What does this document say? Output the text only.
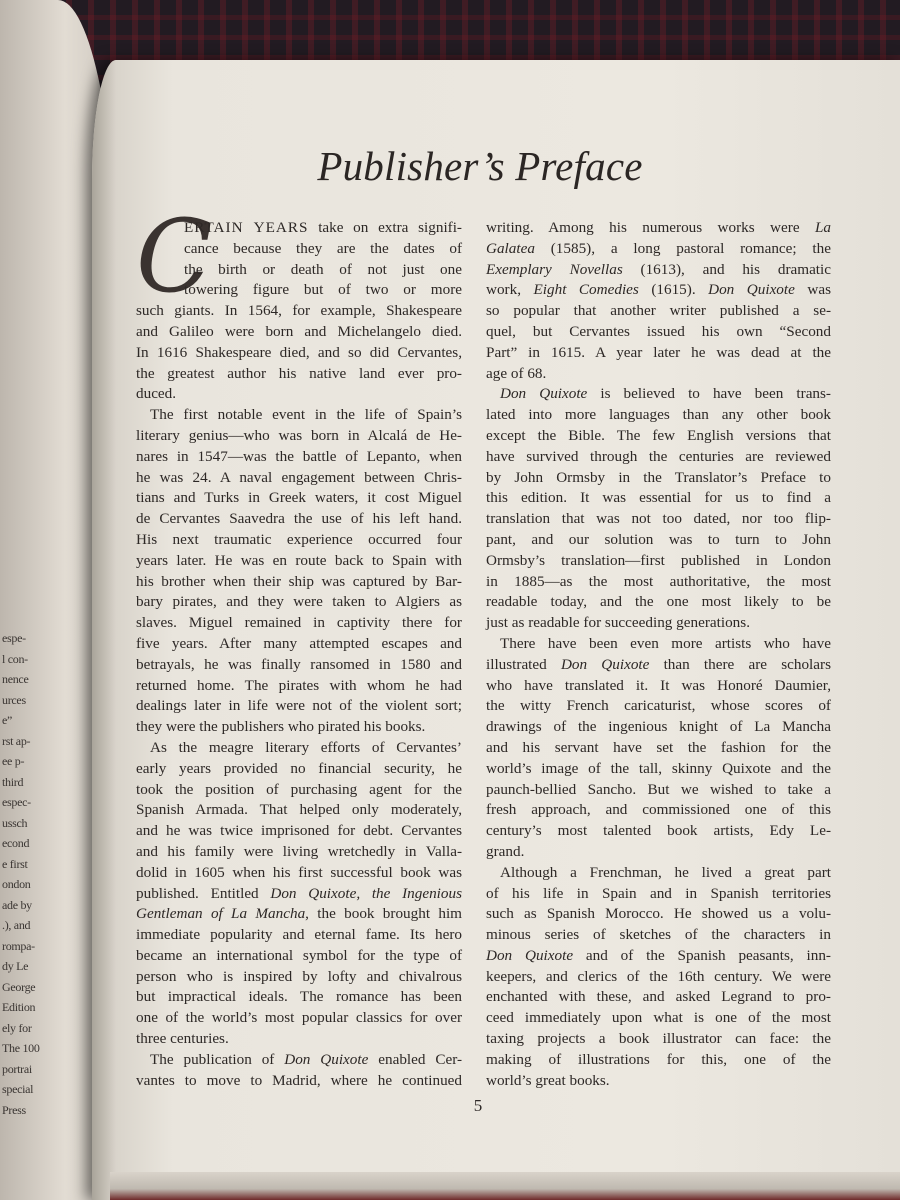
espe-
l con-
nence
urces
e”
rst ap-
ee p-
third
espec-
ussch
econd
e first
ondon
ade by
.), and
rompa-
dy Le
George
Edition
ely for
The 100
portrai
special
Press
Publisher’s Preface
C
ERTAIN YEARS take on extra signifi-
cance because they are the dates of
the birth or death of not just one
towering figure but of two or more
such giants. In 1564, for example, Shakespeare
and Galileo were born and Michelangelo died.
In 1616 Shakespeare died, and so did Cervantes,
the greatest author his native land ever pro-
duced.
The first notable event in the life of Spain’s
literary genius—who was born in Alcalá de He-
nares in 1547—was the battle of Lepanto, when
he was 24. A naval engagement between Chris-
tians and Turks in Greek waters, it cost Miguel
de Cervantes Saavedra the use of his left hand.
His next traumatic experience occurred four
years later. He was en route back to Spain with
his brother when their ship was captured by Bar-
bary pirates, and they were taken to Algiers as
slaves. Miguel remained in captivity there for
five years. After many attempted escapes and
betrayals, he was finally ransomed in 1580 and
returned home. The pirates with whom he had
dealings later in life were not of the violent sort;
they were the publishers who pirated his books.
As the meagre literary efforts of Cervantes’
early years provided no financial security, he
took the position of purchasing agent for the
Spanish Armada. That helped only moderately,
and he was twice imprisoned for debt. Cervantes
and his family were living wretchedly in Valla-
dolid in 1605 when his first successful book was
published. Entitled Don Quixote, the Ingenious
Gentleman of La Mancha, the book brought him
immediate popularity and eternal fame. Its hero
became an international symbol for the type of
person who is inspired by lofty and chivalrous
but impractical ideals. The romance has been
one of the world’s most popular classics for over
three centuries.
The publication of Don Quixote enabled Cer-
vantes to move to Madrid, where he continued
writing. Among his numerous works were La
Galatea (1585), a long pastoral romance; the
Exemplary Novellas (1613), and his dramatic
work, Eight Comedies (1615). Don Quixote was
so popular that another writer published a se-
quel, but Cervantes issued his own “Second
Part” in 1615. A year later he was dead at the
age of 68.
Don Quixote is believed to have been trans-
lated into more languages than any other book
except the Bible. The few English versions that
have survived through the centuries are reviewed
by John Ormsby in the Translator’s Preface to
this edition. It was essential for us to find a
translation that was not too dated, nor too flip-
pant, and our solution was to turn to John
Ormsby’s translation—first published in London
in 1885—as the most authoritative, the most
readable today, and the one most likely to be
just as readable for succeeding generations.
There have been even more artists who have
illustrated Don Quixote than there are scholars
who have translated it. It was Honoré Daumier,
the witty French caricaturist, whose scores of
drawings of the ingenious knight of La Mancha
and his servant have set the fashion for the
world’s image of the tall, skinny Quixote and the
paunch-bellied Sancho. But we wished to take a
fresh approach, and commissioned one of this
century’s most talented book artists, Edy Le-
grand.
Although a Frenchman, he lived a great part
of his life in Spain and in Spanish territories
such as Spanish Morocco. He showed us a volu-
minous series of sketches of the characters in
Don Quixote and of the Spanish peasants, inn-
keepers, and clerics of the 16th century. We were
enchanted with these, and asked Legrand to pro-
ceed immediately upon what is one of the most
taxing projects a book illustrator can face: the
making of illustrations for this, one of the
world’s great books.
5
